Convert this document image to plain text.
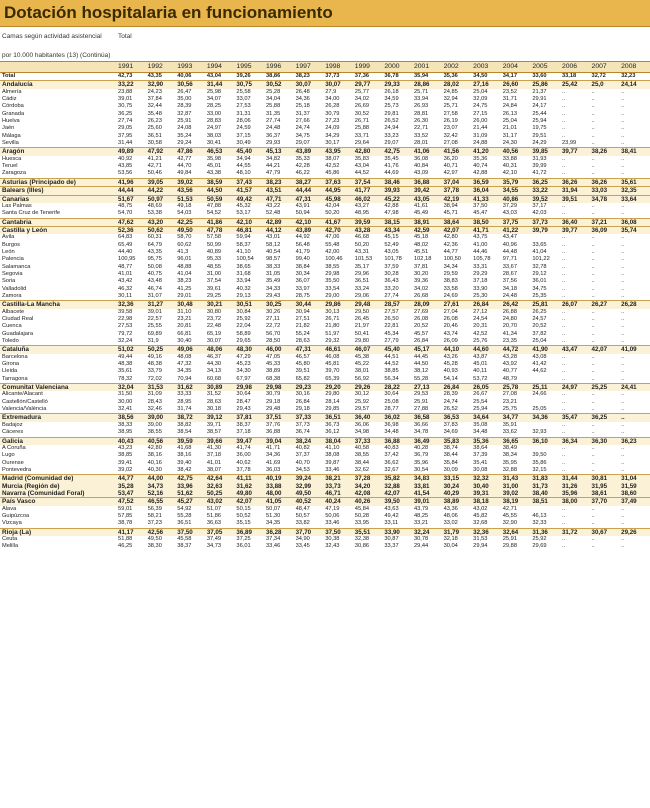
Dotación hospitalaria en funcionamiento
Camas según actividad asistencial
por 10.000 habitantes (13) (Continúa)
Total
	1991	1992	1993	1994	1995	1996	1997	1998	1999	2000	2001	2002	2003	2004	2005	2006	2007	2008
Total	42,73	43,35	40,06	43,04	39,26	38,86	38,23	37,73	37,36	36,78	35,94	35,36	34,50	34,17	33,60	33,18	32,72	32,23
Andalucía	33,22	32,90	30,56	31,44	30,75	30,52	30,07	30,07	29,77	29,33	28,86	28,02	27,16	26,60	25,86	25,42	25,0	24,14
Almería	23,88	24,23	26,47	25,98	25,58	25,28	26,48	27,9	25,77	26,18	25,71	24,85	25,04	23,52	21,37	..	..	..
Cádiz	39,01	37,84	35,00	34,07	33,07	34,04	34,36	34,00	34,02	34,59	33,94	32,94	32,09	31,71	29,91	..	..	..
Córdoba	30,75	32,44	28,39	28,25	27,53	25,88	25,18	26,28	26,69	25,73	26,93	25,71	24,75	24,84	24,17	..	..	..
Granada	36,25	35,48	32,87	33,00	31,31	31,35	31,37	30,79	30,52	29,81	28,81	27,58	27,15	26,13	25,44	..	..	..
Huelva	27,74	26,23	25,91	28,83	28,06	27,74	27,66	27,23	26,71	26,52	26,30	26,19	26,00	25,04	25,94	..	..	..
Jaén	29,05	25,60	24,08	24,97	24,59	24,48	24,74	24,09	25,88	24,94	22,71	23,07	21,44	21,01	19,75	..	..	..
Málaga	37,95	36,51	35,24	38,03	37,15	36,37	34,75	34,29	33,71	33,23	33,52	32,42	31,09	31,17	29,51	..	..	..
Sevilla	31,44	30,58	29,24	30,41	30,49	29,93	29,07	30,17	29,64	29,07	28,01	27,08	24,88	24,30	24,29	23,99	..	..
Aragón	49,89	47,92	47,86	46,53	45,40	45,13	43,89	43,95	42,80	42,75	41,06	41,56	41,20	40,56	39,85	39,77	38,26	38,41
Huesca	40,92	41,21	42,77	35,98	34,94	34,82	35,33	38,07	35,83	35,45	36,08	36,20	35,36	33,88	31,93	..	..	..
Teruel	43,85	42,71	44,70	45,01	44,55	44,21	42,28	42,52	43,04	41,76	40,84	40,71	40,74	40,31	39,99	..	..	..
Zaragoza	53,56	50,46	49,84	43,38	48,10	47,79	46,22	45,86	44,52	44,69	43,09	42,97	42,88	42,10	41,72	..	..	..
Asturias (Principado de)	41,96	39,05	39,02	38,59	37,43	38,23	38,27	37,63	37,54	38,46	36,88	37,04	36,59	35,79	36,25	36,26	36,26	35,61
Balears (Illes)	44,44	44,22	43,56	44,50	41,57	43,51	44,44	44,95	41,77	39,93	39,42	37,78	36,04	34,55	33,22	31,94	33,03	32,35
Canarias	51,67	50,97	51,53	50,59	49,42	47,71	47,31	45,98	46,02	45,22	43,05	42,19	41,33	40,86	39,52	39,51	34,78	33,64
Las Palmas	48,75	48,69	49,18	47,88	45,32	43,22	43,91	42,04	43,27	42,88	41,61	38,94	37,50	37,29	37,17	..	..	..
Santa Cruz de Tenerife	54,70	53,38	54,03	54,52	53,17	52,48	50,94	50,20	48,95	47,98	45,49	45,71	45,47	43,03	42,03	..	..	..
Cantabria	47,62	43,20	42,25	41,86	42,10	42,89	42,10	41,67	39,59	38,15	38,91	38,64	38,50	37,75	37,73	36,40	37,21	36,08
Castilla y León	52,36	50,62	49,50	47,78	46,81	44,12	43,89	42,70	43,28	43,34	42,59	42,07	41,71	41,22	39,79	39,77	36,09	35,74
Ávila	64,83	60,31	58,70	57,58	59,94	43,01	44,92	47,06	46,68	45,15	45,18	42,80	43,75	43,47		..	..	..
Burgos	65,49	64,79	60,62	50,99	58,37	58,12	56,48	55,48	50,20	52,49	48,02	42,36	41,00	40,96	33,65	..	..	..
León	44,40	43,35	41,3	40,89	41,10	40,54	41,79	42,00	43,31	43,05	45,51	44,77	44,46	44,48	41,04	..	..	..
Palencia	100,95	95,75	96,01	95,33	100,54	98,57	99,40	100,46	101,53	101,78	102,18	100,50	105,78	97,71	101,22	..	..	..
Salamanca	48,77	50,08	48,88	48,55	38,65	38,33	38,84	38,55	35,17	37,59	37,81	34,34	33,31	33,67	32,78	..	..	..
Segovia	41,01	40,75	41,04	31,00	31,68	31,05	30,34	29,98	29,96	30,28	30,20	29,59	29,29	28,67	29,12	..	..	..
Soria	43,42	43,48	38,23	37,54	33,94	35,49	36,07	35,50	36,51	36,43	39,36	38,83	37,18	37,56	36,01	..	..	..
Valladolid	46,32	46,74	41,25	39,61	40,32	34,33	33,97	33,54	33,24	33,20	34,02	33,58	33,90	34,18	34,75	..	..	..
Zamora	30,11	31,07	29,01	29,25	29,13	29,43	28,75	29,00	29,06	27,74	26,68	24,69	25,30	24,48	25,35	..	..	..
Castilla-La Mancha	32,36	31,27	30,48	30,21	30,51	30,25	30,44	29,86	29,48	28,57	28,09	27,61	26,84	26,42	25,81	26,07	26,27	26,28
Albacete	39,58	39,01	31,10	30,80	30,84	30,26	30,94	30,13	29,50	27,57	27,69	27,04	27,12	26,88	26,25	..	..	..
Ciudad Real	22,98	22,57	23,21	23,72	25,92	27,11	27,51	26,71	26,45	26,50	26,08	26,08	24,54	24,80	24,57	..	..	..
Cuenca	27,53	25,55	20,81	22,48	22,04	22,72	21,82	21,80	21,97	22,81	20,52	20,46	20,31	20,70	20,52	..	..	..
Guadalajara	79,72	69,89	66,81	65,19	58,89	56,70	55,24	51,97	50,41	45,34	45,57	43,74	42,52	41,34	37,82	..	..	..
Toledo	32,24	31,9	30,40	30,07	29,65	28,50	28,63	29,32	29,80	27,79	26,84	26,09	25,76	23,35	25,04	..	..	..
Cataluña	51,02	50,25	49,06	48,06	48,30	46,00	47,31	46,61	46,07	45,40	45,17	44,10	44,60	44,72	41,90	43,47	42,07	41,09
Barcelona	49,44	49,16	48,08	46,37	47,29	47,05	46,57	46,08	45,38	44,51	44,45	43,26	43,87	43,28	43,08	..	..	..
Girona	48,38	48,38	47,32	44,30	45,23	45,33	45,80	45,81	45,22	44,52	44,50	45,28	45,01	43,92	41,42	..	..	..
Lleida	35,61	33,79	34,35	34,13	34,30	38,89	39,51	39,70	38,01	38,85	38,12	40,93	40,11	40,77	44,62	..	..	..
Tarragona	78,32	72,02	70,94	60,68	67,97	68,38	65,82	65,39	56,92	56,34	55,28	54,14	53,72	48,79		..	..	..
Comunitat Valenciana	32,04	31,53	31,62	30,89	29,98	29,98	29,23	29,20	29,26	28,22	27,13	26,84	26,05	25,78	25,11	24,97	25,25	24,41
Alicante/Alacant	31,50	31,09	33,33	31,52	30,64	30,79	30,16	29,80	30,12	30,64	29,53	28,39	26,67	27,08	24,66	..	..	..
Castellón/Castelló	30,00	28,43	28,95	28,63	28,47	29,18	26,84	28,14	25,92	25,08	25,91	24,74	25,54	23,21		..	..	..
Valencia/València	32,41	32,46	31,74	30,18	29,43	29,48	29,18	29,85	29,57	28,77	27,88	26,52	25,94	25,75	25,05	..	..	..
Extremadura	38,56	39,00	38,72	39,12	37,81	37,51	37,33	36,51	36,40	36,02	36,58	36,53	34,64	34,77	34,36	35,47	36,25	..
Badajoz	38,33	39,00	38,82	39,71	38,37	37,76	37,73	36,73	36,06	36,98	36,66	37,83	35,08	35,91		..	..	..
Cáceres	38,95	38,55	38,54	38,57	37,18	36,88	36,74	36,12	34,98	34,48	34,78	34,69	34,48	33,62	32,93	..	..	..
Galicia	40,43	40,56	39,59	39,66	39,47	39,04	38,24	38,04	37,33	36,88	36,49	35,83	35,36	36,65	36,10	36,34	36,30	36,23
A Coruña	43,23	42,80	41,68	41,30	41,74	41,71	40,82	41,10	40,58	40,83	40,28	38,74	38,64	38,49		..	..	..
Lugo	38,85	38,16	38,16	37,18	36,00	34,36	37,37	38,08	38,55	37,42	36,79	38,44	37,39	38,34	39,50	..	..	..
Ourense	39,41	40,16	39,40	41,01	40,62	41,69	40,70	39,87	38,44	36,62	35,96	35,84	35,41	35,95	35,86	..	..	..
Pontevedra	39,02	40,30	38,42	38,07	37,78	36,03	34,53	33,46	32,62	32,67	30,54	30,09	30,08	32,88	32,15	..	..	..
Madrid (Comunidad de)	44,77	44,00	42,75	42,64	41,11	40,19	39,24	38,21	37,28	35,82	34,83	33,15	32,32	31,43	31,83	31,44	30,81	31,04
Murcia (Región de)	35,28	34,73	33,96	32,63	31,62	33,88	32,99	33,73	34,20	32,88	33,81	30,24	30,40	31,00	31,73	31,26	31,95	31,59
Navarra (Comunidad Foral)	53,47	52,16	51,62	50,25	49,80	48,00	49,50	46,71	42,08	42,07	41,54	40,29	39,31	39,02	38,40	35,96	38,61	38,60
País Vasco	47,52	46,55	45,27	43,02	42,07	41,05	40,52	40,24	40,26	39,50	39,01	38,89	38,18	38,19	38,51	38,00	37,70	37,49
Álava	59,01	56,39	54,92	51,07	50,15	50,07	48,47	47,19	45,84	43,63	43,79	43,36	43,02	42,71		..	..	..
Guipúzcoa	57,85	58,21	55,28	51,86	50,52	51,30	50,57	50,06	50,28	49,42	48,25	48,06	45,82	45,55	46,13	..	..	..
Vizcaya	38,78	37,23	36,51	36,63	35,15	34,35	33,82	33,46	33,95	33,11	33,21	33,02	32,68	32,90	32,33	..	..	..
Rioja (La)	41,17	42,56	37,50	37,05	36,89	36,28	37,70	37,50	35,51	33,90	32,24	31,79	32,36	32,64	31,36	31,72	30,67	29,26
Ceuta	51,88	49,50	45,58	37,49	37,25	37,34	34,90	30,38	32,38	30,87	30,78	32,18	31,53	25,91	25,92	..	..	..
Melilla	46,25	38,30	38,37	34,73	36,01	33,46	33,45	32,43	30,86	33,37	29,44	30,04	29,94	29,88	29,69	..	..	..
